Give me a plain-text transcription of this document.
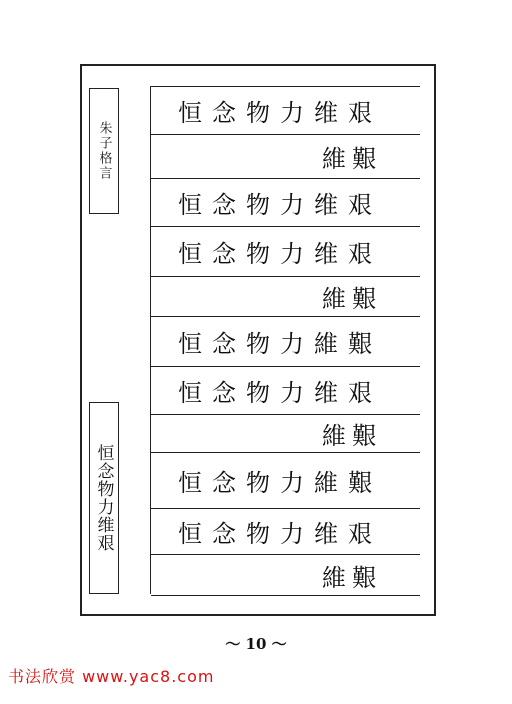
朱子格言
恒念物力维艰
恒念物力维艰
維艱
恒念物力维艰
恒念物力维艰
維艱
恒念物力維艱
恒念物力维艰
維艱
恒念物力維艱
恒念物力维艰
維艱
～ 10 ～
书法欣赏 www.yac8.com
